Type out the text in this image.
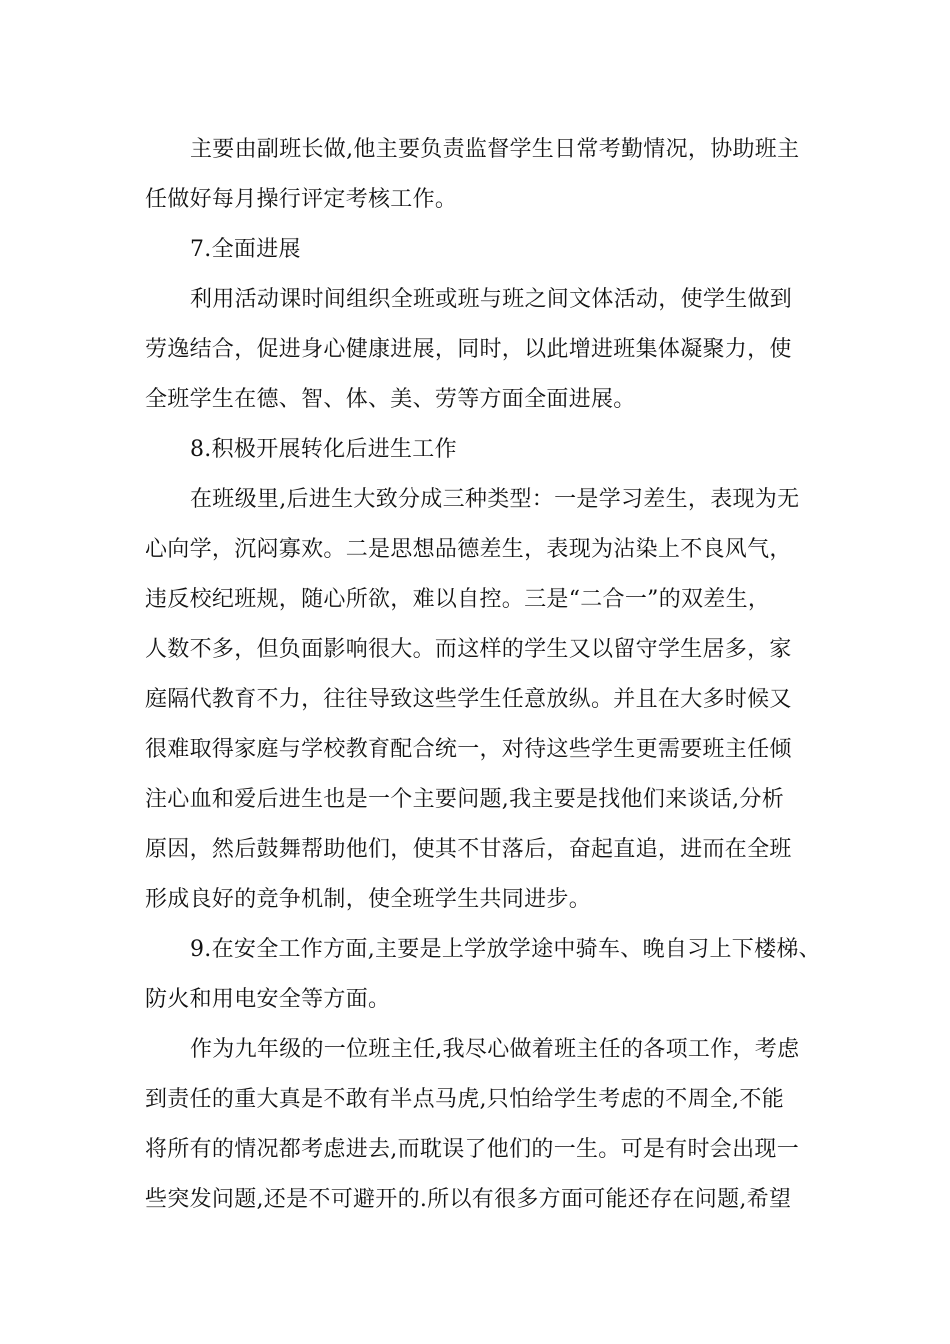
主要由副班长做,他主要负责监督学生日常考勤情况，协助班主
任做好每月操行评定考核工作。
7.全面进展
利用活动课时间组织全班或班与班之间文体活动，使学生做到
劳逸结合，促进身心健康进展，同时，以此增进班集体凝聚力，使
全班学生在德、智、体、美、劳等方面全面进展。
8.积极开展转化后进生工作
在班级里,后进生大致分成三种类型：一是学习差生，表现为无
心向学，沉闷寡欢。二是思想品德差生，表现为沾染上不良风气，
违反校纪班规，随心所欲，难以自控。三是“二合一”的双差生，
人数不多，但负面影响很大。而这样的学生又以留守学生居多，家
庭隔代教育不力，往往导致这些学生任意放纵。并且在大多时候又
很难取得家庭与学校教育配合统一，对待这些学生更需要班主任倾
注心血和爱后进生也是一个主要问题,我主要是找他们来谈话,分析
原因，然后鼓舞帮助他们，使其不甘落后，奋起直追，进而在全班
形成良好的竞争机制，使全班学生共同进步。
9.在安全工作方面,主要是上学放学途中骑车、晚自习上下楼梯、
防火和用电安全等方面。
作为九年级的一位班主任,我尽心做着班主任的各项工作，考虑
到责任的重大真是不敢有半点马虎,只怕给学生考虑的不周全,不能
将所有的情况都考虑进去,而耽误了他们的一生。可是有时会出现一
些突发问题,还是不可避开的.所以有很多方面可能还存在问题,希望
